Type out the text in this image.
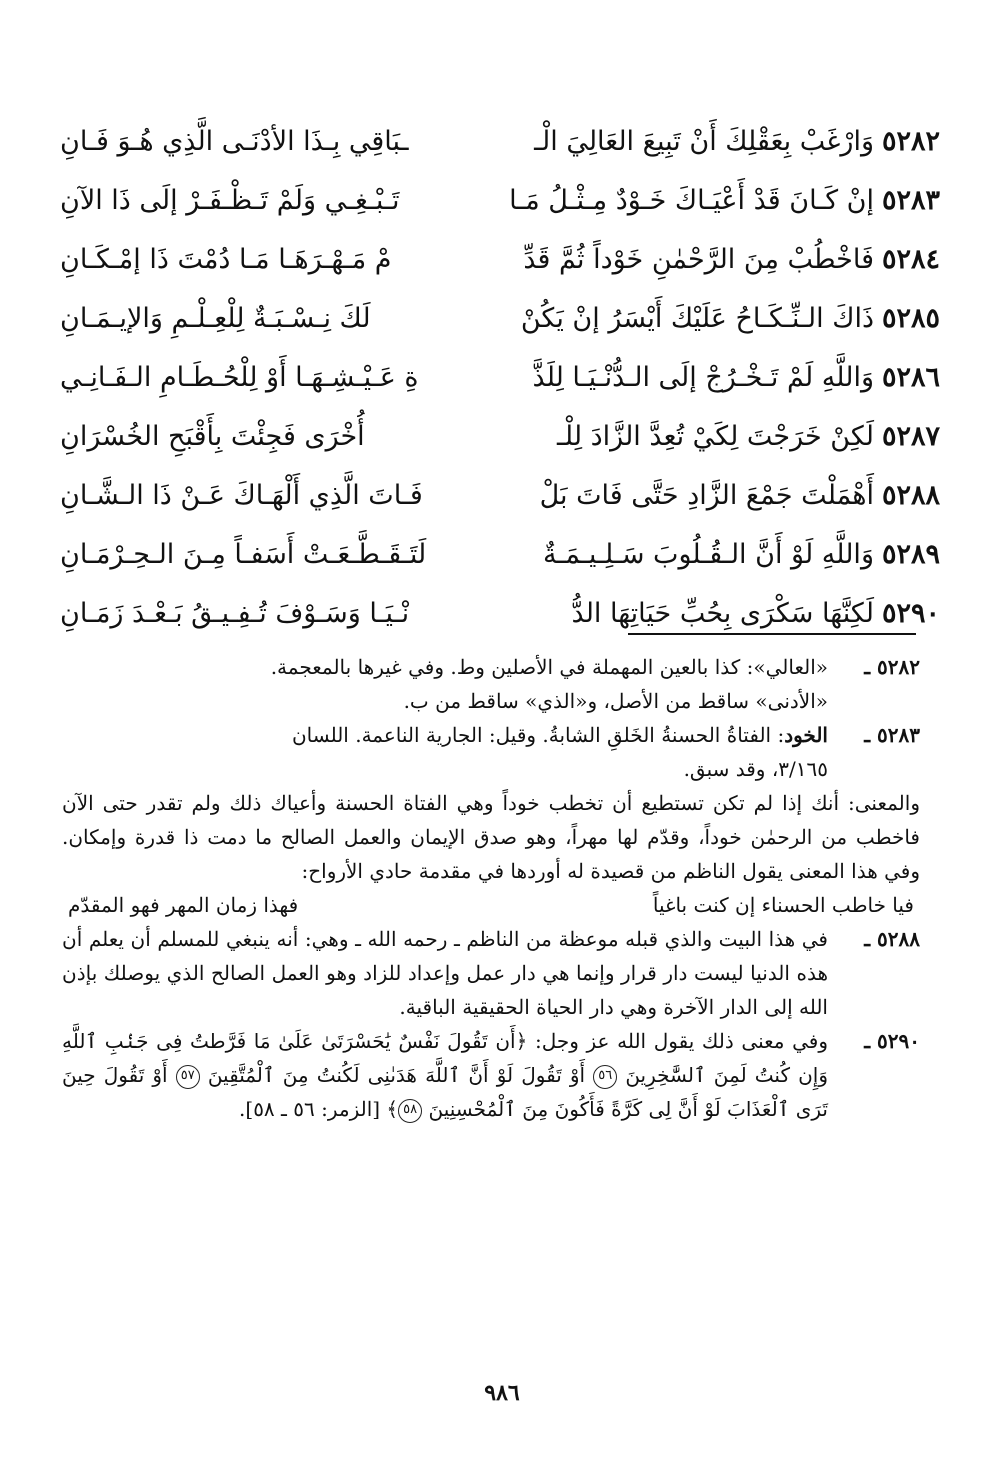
٥٢٨٢وَارْغَبْ بِعَقْلِكَ أَنْ تَبِيعَ العَالِيَ الْـ
ـبَاقِي بِـذَا الأدْنَـى الَّذِي هُـوَ فَـانِ
٥٢٨٣إنْ كَـانَ قَدْ أَعْيَـاكَ خَـوْدٌ مِـثْـلُ مَـا
تَـبْـغِـي وَلَمْ تَـظْـفَـرْ إلَى ذَا الآنِ
٥٢٨٤فَاخْطُبْ مِنَ الرَّحْمٰنِ خَوْداً ثُمَّ قَدِّ
مْ مَـهْـرَهَـا مَـا دُمْتَ ذَا إمْـكَـانِ
٥٢٨٥ذَاكَ الـنِّـكَـاحُ عَلَيْكَ أَيْسَرُ إنْ يَكُنْ
لَكَ نِـسْـبَـةٌ لِلْعِـلْـمِ وَالإيـمَـانِ
٥٢٨٦وَاللَّهِ لَمْ تَـخْـرُجْ إلَى الـدُّنْـيَـا لِلَذَّ
ةِ عَـيْـشِـهَـا أَوْ لِلْحُـطَـامِ الـفَـانِـي
٥٢٨٧لَكِنْ خَرَجْتَ لِكَيْ تُعِدَّ الزَّادَ لِلْـ
أُخْرَى فَجِئْتَ بِأَقْبَحِ الخُسْرَانِ
٥٢٨٨أَهْمَلْتَ جَمْعَ الزَّادِ حَتَّى فَاتَ بَلْ
فَـاتَ الَّذِي أَلْهَـاكَ عَـنْ ذَا الـشَّـانِ
٥٢٨٩وَاللَّهِ لَوْ أَنَّ الـقُـلُوبَ سَـلِـيـمَـةٌ
لَتَـقَـطَّـعَـتْ أَسَفـاً مِـنَ الـحِـرْمَـانِ
٥٢٩٠لَكِنَّهَا سَكْرَى بِحُبِّ حَيَاتِهَا الدُّ
نْـيَـا وَسَـوْفَ تُـفِـيـقُ بَـعْـدَ زَمَـانِ
٥٢٨٢ ـ

«العالي»: كذا بالعين المهملة في الأصلين وط. وفي غيرها بالمعجمة.

«الأدنى» ساقط من الأصل، و«الذي» ساقط من ب.

٥٢٨٣ ـ

الخود: الفتاةُ الحسنةُ الخَلقِ الشابةُ. وقيل: الجارية الناعمة. اللسان

٣/١٦٥، وقد سبق.

والمعنى: أنك إذا لم تكن تستطيع أن تخطب خوداً وهي الفتاة الحسنة وأعياك ذلك ولم تقدر حتى الآن فاخطب من الرحمٰن خوداً، وقدّم لها مهراً، وهو صدق الإيمان والعمل الصالح ما دمت ذا قدرة وإمكان. وفي هذا المعنى يقول الناظم من قصيدة له أوردها في مقدمة حادي الأرواح:

فيا خاطب الحسناء إن كنت باغياً
فهذا زمان المهر فهو المقدّم
٥٢٨٨ ـ

في هذا البيت والذي قبله موعظة من الناظم ـ رحمه الله ـ وهي: أنه ينبغي للمسلم أن يعلم أن هذه الدنيا ليست دار قرار وإنما هي دار عمل وإعداد للزاد وهو العمل الصالح الذي يوصلك بإذن الله إلى الدار الآخرة وهي دار الحياة الحقيقية الباقية.

٥٢٩٠ ـ

وفي معنى ذلك يقول الله عز وجل: ﴿أَن تَقُولَ نَفْسٌ يَٰحَسْرَتَىٰ عَلَىٰ مَا فَرَّطتُ فِى جَنۢبِ ٱللَّهِ وَإِن كُنتُ لَمِنَ ٱلسَّٰخِرِينَ ٥٦ أَوْ تَقُولَ لَوْ أَنَّ ٱللَّهَ هَدَىٰنِى لَكُنتُ مِنَ ٱلْمُتَّقِينَ ٥٧ أَوْ تَقُولَ حِينَ تَرَى ٱلْعَذَابَ لَوْ أَنَّ لِى كَرَّةً فَأَكُونَ مِنَ ٱلْمُحْسِنِينَ ٥٨﴾ [الزمر: ٥٦ ـ ٥٨].

٩٨٦
